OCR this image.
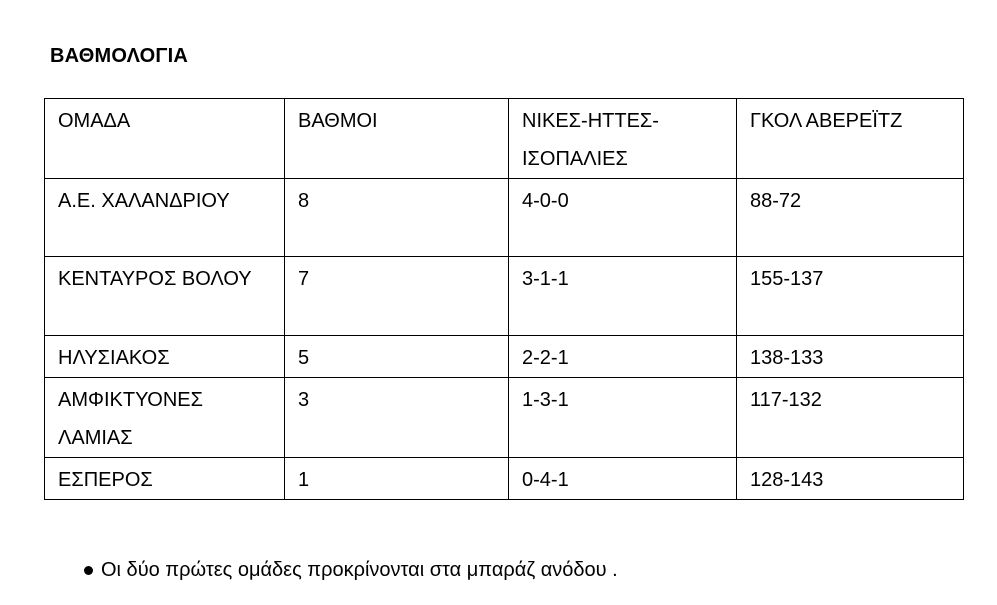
ΒΑΘΜΟΛΟΓΙΑ
ΟΜΑΔΑ	ΒΑΘΜΟΙ	ΝΙΚΕΣ-ΗΤΤΕΣ-ΙΣΟΠΑΛΙΕΣ	ΓΚΟΛ ΑΒΕΡΕΪΤΖ
Α.Ε. ΧΑΛΑΝΔΡΙΟΥ	8	4-0-0	88-72
ΚΕΝΤΑΥΡΟΣ ΒΟΛΟΥ	7	3-1-1	155-137
ΗΛΥΣΙΑΚΟΣ	5	2-2-1	138-133
ΑΜΦΙΚΤΥΟΝΕΣ ΛΑΜΙΑΣ	3	1-3-1	117-132
ΕΣΠΕΡΟΣ	1	0-4-1	128-143
Οι δύο πρώτες ομάδες προκρίνονται στα μπαράζ ανόδου .
